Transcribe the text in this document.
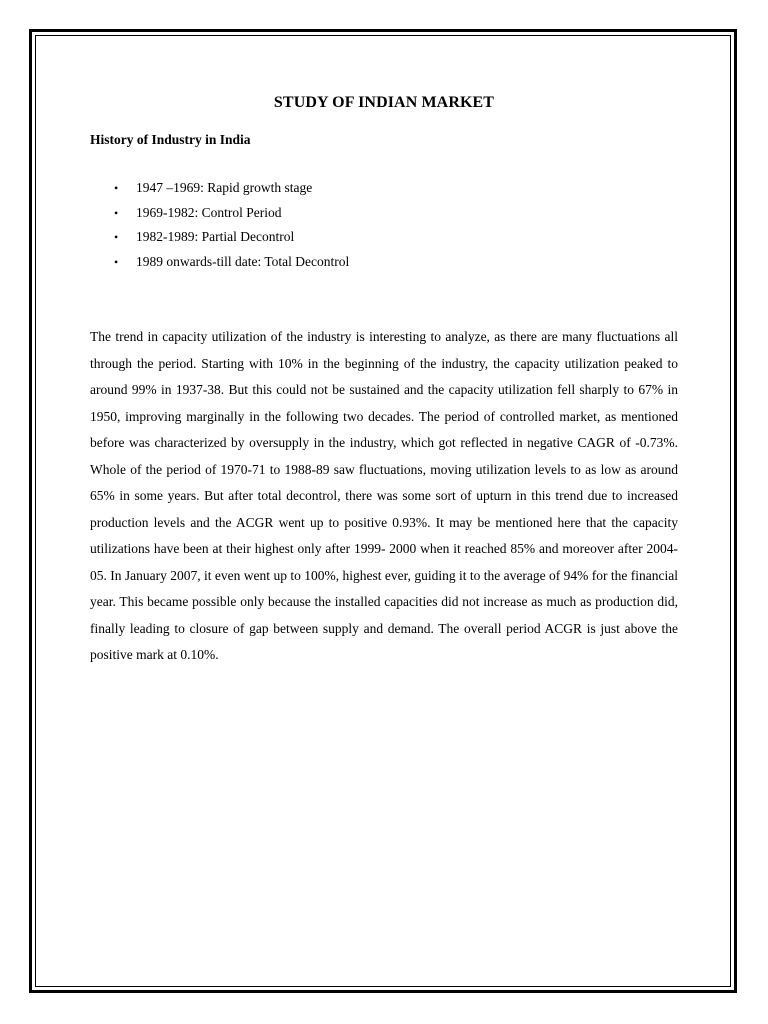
STUDY OF INDIAN MARKET
History of Industry in India
• 1947 –1969: Rapid growth stage
• 1969-1982: Control Period
• 1982-1989: Partial Decontrol
• 1989 onwards-till date: Total Decontrol

The trend in capacity utilization of the industry is interesting to analyze, as there are many fluctuations all through the period. Starting with 10% in the beginning of the industry, the capacity utilization peaked to around 99% in 1937-38. But this could not be sustained and the capacity utilization fell sharply to 67% in 1950, improving marginally in the following two decades. The period of controlled market, as mentioned before was characterized by oversupply in the industry, which got reflected in negative CAGR of -0.73%. Whole of the period of 1970-71 to 1988-89 saw fluctuations, moving utilization levels to as low as around 65% in some years. But after total decontrol, there was some sort of upturn in this trend due to increased production levels and the ACGR went up to positive 0.93%. It may be mentioned here that the capacity utilizations have been at their highest only after 1999- 2000 when it reached 85% and moreover after 2004-05. In January 2007, it even went up to 100%, highest ever, guiding it to the average of 94% for the financial year. This became possible only because the installed capacities did not increase as much as production did, finally leading to closure of gap between supply and demand. The overall period ACGR is just above the positive mark at 0.10%.
